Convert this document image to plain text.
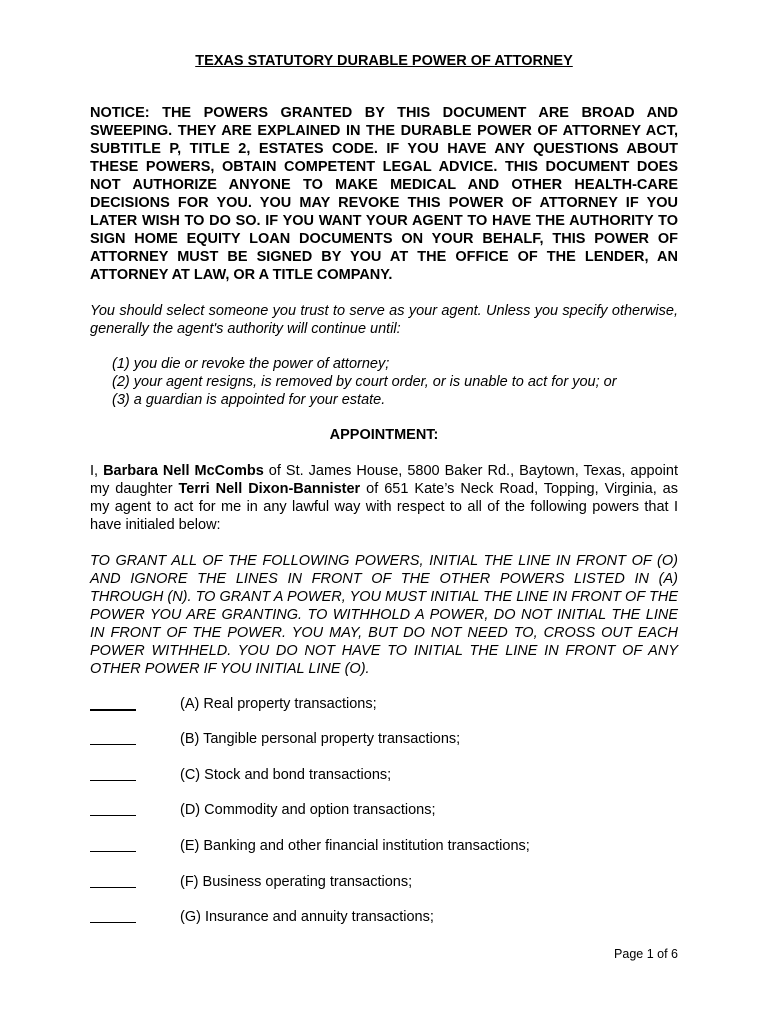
TEXAS STATUTORY DURABLE POWER OF ATTORNEY

NOTICE: THE POWERS GRANTED BY THIS DOCUMENT ARE BROAD AND SWEEPING. THEY ARE EXPLAINED IN THE DURABLE POWER OF ATTORNEY ACT, SUBTITLE P, TITLE 2, ESTATES CODE. IF YOU HAVE ANY QUESTIONS ABOUT THESE POWERS, OBTAIN COMPETENT LEGAL ADVICE. THIS DOCUMENT DOES NOT AUTHORIZE ANYONE TO MAKE MEDICAL AND OTHER HEALTH-CARE DECISIONS FOR YOU. YOU MAY REVOKE THIS POWER OF ATTORNEY IF YOU LATER WISH TO DO SO. IF YOU WANT YOUR AGENT TO HAVE THE AUTHORITY TO SIGN HOME EQUITY LOAN DOCUMENTS ON YOUR BEHALF, THIS POWER OF ATTORNEY MUST BE SIGNED BY YOU AT THE OFFICE OF THE LENDER, AN ATTORNEY AT LAW, OR A TITLE COMPANY.

You should select someone you trust to serve as your agent. Unless you specify otherwise, generally the agent's authority will continue until:

(1) you die or revoke the power of attorney;
(2) your agent resigns, is removed by court order, or is unable to act for you; or
(3) a guardian is appointed for your estate.
APPOINTMENT:

I, Barbara Nell McCombs of St. James House, 5800 Baker Rd., Baytown, Texas, appoint my daughter Terri Nell Dixon-Bannister of 651 Kate’s Neck Road, Topping, Virginia, as my agent to act for me in any lawful way with respect to all of the following powers that I have initialed below:

TO GRANT ALL OF THE FOLLOWING POWERS, INITIAL THE LINE IN FRONT OF (O) AND IGNORE THE LINES IN FRONT OF THE OTHER POWERS LISTED IN (A) THROUGH (N). TO GRANT A POWER, YOU MUST INITIAL THE LINE IN FRONT OF THE POWER YOU ARE GRANTING. TO WITHHOLD A POWER, DO NOT INITIAL THE LINE IN FRONT OF THE POWER. YOU MAY, BUT DO NOT NEED TO, CROSS OUT EACH POWER WITHHELD. YOU DO NOT HAVE TO INITIAL THE LINE IN FRONT OF ANY OTHER POWER IF YOU INITIAL LINE (O).

(A) Real property transactions;
(B) Tangible personal property transactions;
(C) Stock and bond transactions;
(D) Commodity and option transactions;
(E) Banking and other financial institution transactions;
(F) Business operating transactions;
(G) Insurance and annuity transactions;
Page 1 of 6
